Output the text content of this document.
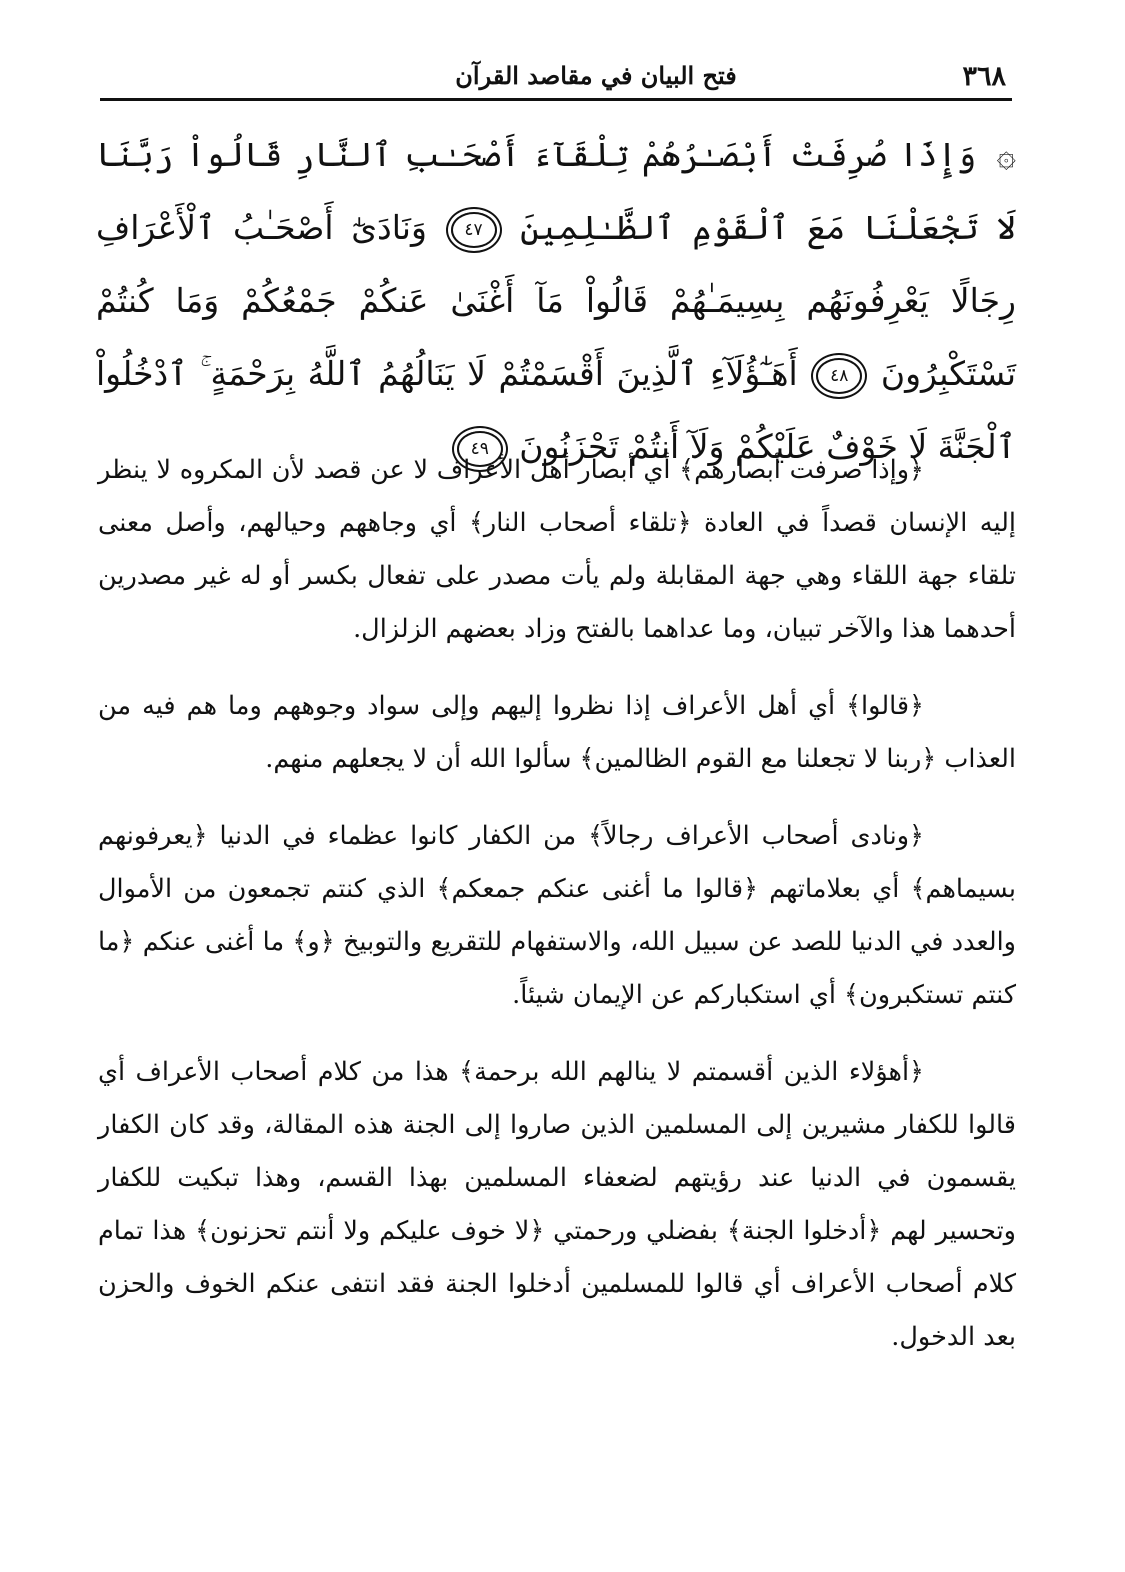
٣٦٨
فتح البيان في مقاصد القرآن
۞ وَإِذَا صُرِفَتْ أَبْصَـٰرُهُمْ تِلْقَآءَ أَصْحَـٰبِ ٱلنَّارِ قَالُواْ رَبَّنَا لَا تَجْعَلْنَا مَعَ ٱلْقَوْمِ ٱلظَّـٰلِمِينَ ٤٧ وَنَادَىٰٓ أَصْحَـٰبُ ٱلْأَعْرَافِ رِجَالًا يَعْرِفُونَهُم بِسِيمَـٰهُمْ قَالُواْ مَآ أَغْنَىٰ عَنكُمْ جَمْعُكُمْ وَمَا كُنتُمْ تَسْتَكْبِرُونَ ٤٨ أَهَـٰٓؤُلَآءِ ٱلَّذِينَ أَقْسَمْتُمْ لَا يَنَالُهُمُ ٱللَّهُ بِرَحْمَةٍ ۚ ٱدْخُلُواْ ٱلْجَنَّةَ لَا خَوْفٌ عَلَيْكُمْ وَلَآ أَنتُمْ تَحْزَنُونَ ٤٩

﴿وإذا صرفت أبصارهم﴾ أي أبصار أهل الأعراف لا عن قصد لأن المكروه لا ينظر إليه الإنسان قصداً في العادة ﴿تلقاء أصحاب النار﴾ أي وجاههم وحيالهم، وأصل معنى تلقاء جهة اللقاء وهي جهة المقابلة ولم يأت مصدر على تفعال بكسر أو له غير مصدرين أحدهما هذا والآخر تبيان، وما عداهما بالفتح وزاد بعضهم الزلزال.

﴿قالوا﴾ أي أهل الأعراف إذا نظروا إليهم وإلى سواد وجوههم وما هم فيه من العذاب ﴿ربنا لا تجعلنا مع القوم الظالمين﴾ سألوا الله أن لا يجعلهم منهم.

﴿ونادى أصحاب الأعراف رجالاً﴾ من الكفار كانوا عظماء في الدنيا ﴿يعرفونهم بسيماهم﴾ أي بعلاماتهم ﴿قالوا ما أغنى عنكم جمعكم﴾ الذي كنتم تجمعون من الأموال والعدد في الدنيا للصد عن سبيل الله، والاستفهام للتقريع والتوبيخ ﴿و﴾ ما أغنى عنكم ﴿ما كنتم تستكبرون﴾ أي استكباركم عن الإيمان شيئاً.

﴿أهؤلاء الذين أقسمتم لا ينالهم الله برحمة﴾ هذا من كلام أصحاب الأعراف أي قالوا للكفار مشيرين إلى المسلمين الذين صاروا إلى الجنة هذه المقالة، وقد كان الكفار يقسمون في الدنيا عند رؤيتهم لضعفاء المسلمين بهذا القسم، وهذا تبكيت للكفار وتحسير لهم ﴿أدخلوا الجنة﴾ بفضلي ورحمتي ﴿لا خوف عليكم ولا أنتم تحزنون﴾ هذا تمام كلام أصحاب الأعراف أي قالوا للمسلمين أدخلوا الجنة فقد انتفى عنكم الخوف والحزن بعد الدخول.
